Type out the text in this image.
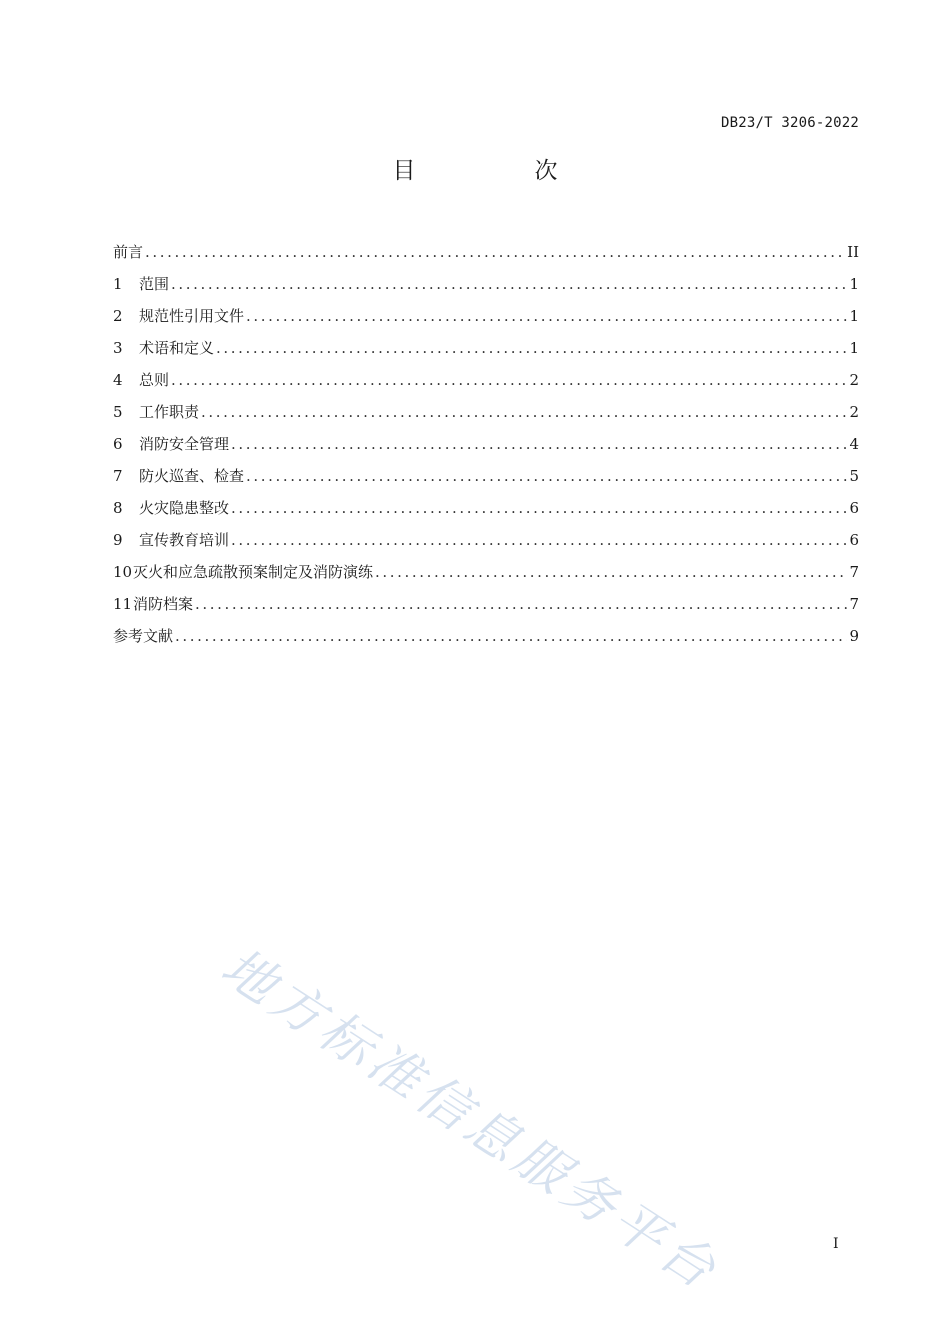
DB23/T 3206-2022
目　次
前言 .....	II
1 范围 .....	1
2 规范性引用文件 .....	1
3 术语和定义 .....	1
4 总则 .....	2
5 工作职责 .....	2
6 消防安全管理 .....	4
7 防火巡查、检查 .....	5
8 火灾隐患整改 .....	6
9 宣传教育培训 .....	6
10灭火和应急疏散预案制定及消防演练 .....	7
11消防档案 .....	7
参考文献 .....	9
地方标准信息服务平台	I
